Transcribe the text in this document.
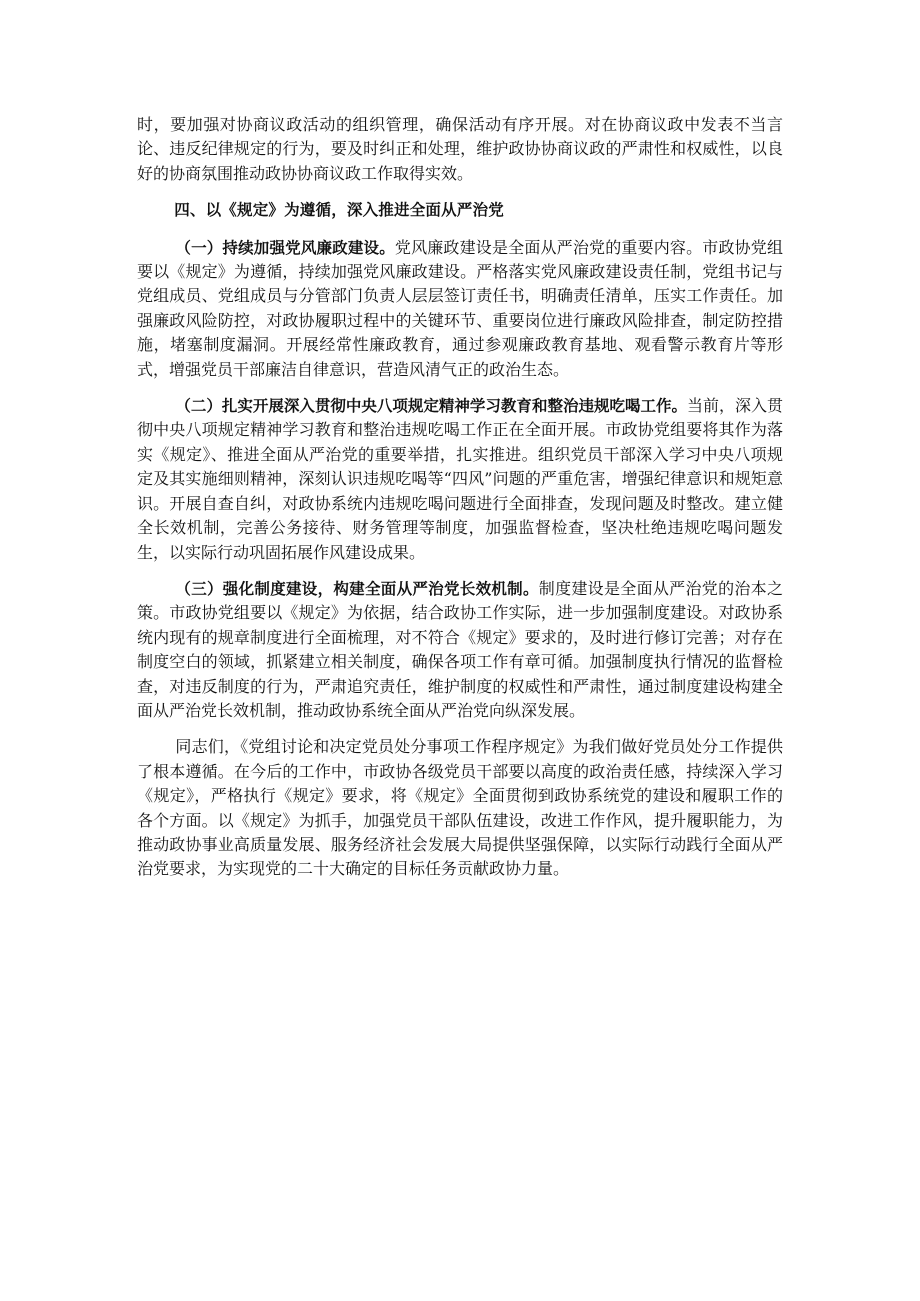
时，要加强对协商议政活动的组织管理，确保活动有序开展。对在协商议政中发表不当言论、违反纪律规定的行为，要及时纠正和处理，维护政协协商议政的严肃性和权威性，以良好的协商氛围推动政协协商议政工作取得实效。

四、以《规定》为遵循，深入推进全面从严治党

（一）持续加强党风廉政建设。党风廉政建设是全面从严治党的重要内容。市政协党组要以《规定》为遵循，持续加强党风廉政建设。严格落实党风廉政建设责任制，党组书记与党组成员、党组成员与分管部门负责人层层签订责任书，明确责任清单，压实工作责任。加强廉政风险防控，对政协履职过程中的关键环节、重要岗位进行廉政风险排查，制定防控措施，堵塞制度漏洞。开展经常性廉政教育，通过参观廉政教育基地、观看警示教育片等形式，增强党员干部廉洁自律意识，营造风清气正的政治生态。

（二）扎实开展深入贯彻中央八项规定精神学习教育和整治违规吃喝工作。当前，深入贯彻中央八项规定精神学习教育和整治违规吃喝工作正在全面开展。市政协党组要将其作为落实《规定》、推进全面从严治党的重要举措，扎实推进。组织党员干部深入学习中央八项规定及其实施细则精神，深刻认识违规吃喝等“四风”问题的严重危害，增强纪律意识和规矩意识。开展自查自纠，对政协系统内违规吃喝问题进行全面排查，发现问题及时整改。建立健全长效机制，完善公务接待、财务管理等制度，加强监督检查，坚决杜绝违规吃喝问题发生，以实际行动巩固拓展作风建设成果。

（三）强化制度建设，构建全面从严治党长效机制。制度建设是全面从严治党的治本之策。市政协党组要以《规定》为依据，结合政协工作实际，进一步加强制度建设。对政协系统内现有的规章制度进行全面梳理，对不符合《规定》要求的，及时进行修订完善；对存在制度空白的领域，抓紧建立相关制度，确保各项工作有章可循。加强制度执行情况的监督检查，对违反制度的行为，严肃追究责任，维护制度的权威性和严肃性，通过制度建设构建全面从严治党长效机制，推动政协系统全面从严治党向纵深发展。

同志们，《党组讨论和决定党员处分事项工作程序规定》为我们做好党员处分工作提供了根本遵循。在今后的工作中，市政协各级党员干部要以高度的政治责任感，持续深入学习《规定》，严格执行《规定》要求，将《规定》全面贯彻到政协系统党的建设和履职工作的各个方面。以《规定》为抓手，加强党员干部队伍建设，改进工作作风，提升履职能力，为推动政协事业高质量发展、服务经济社会发展大局提供坚强保障，以实际行动践行全面从严治党要求，为实现党的二十大确定的目标任务贡献政协力量。
